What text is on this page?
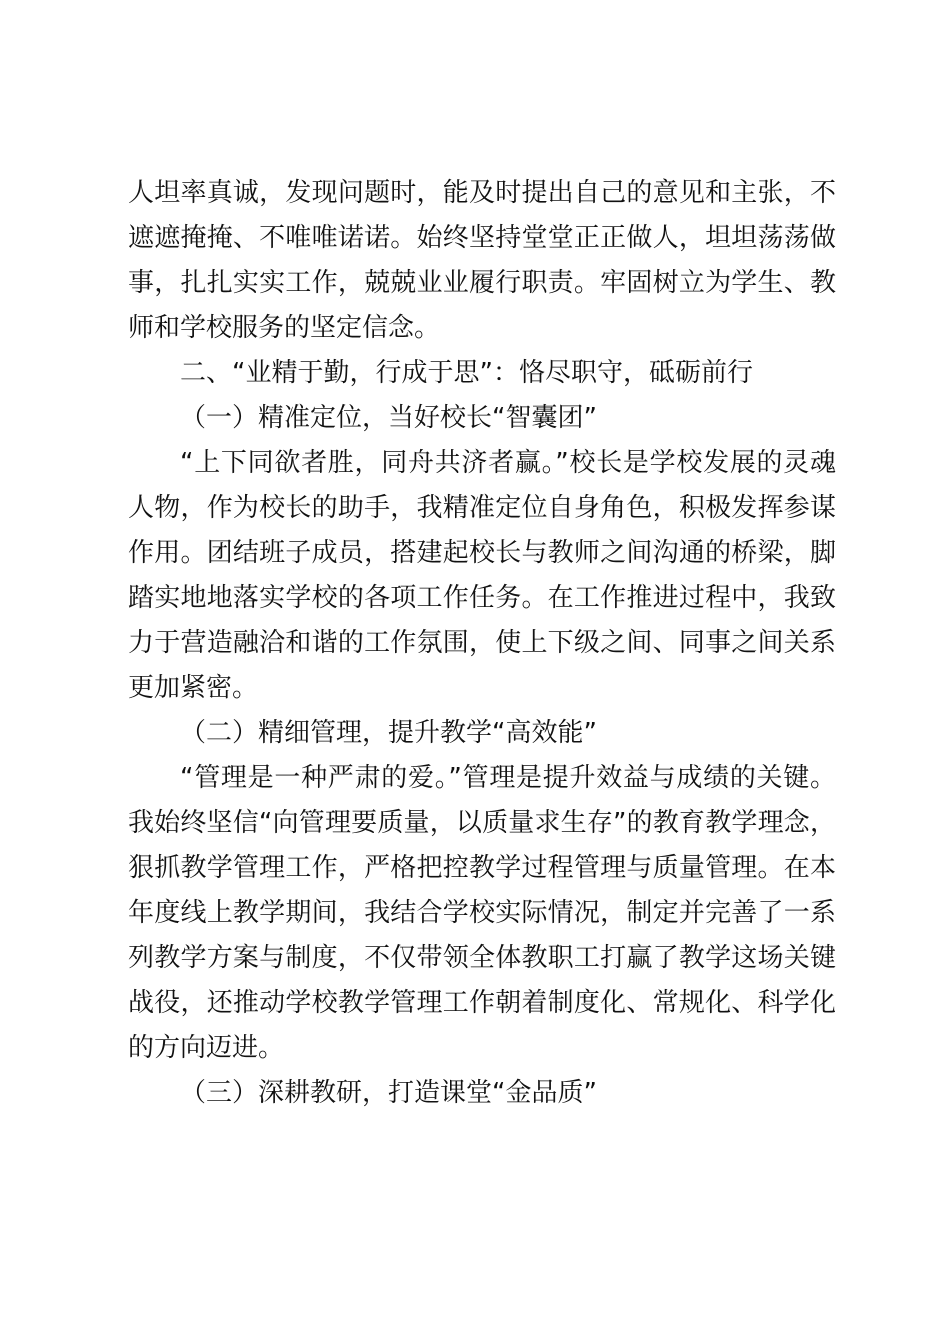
人坦率真诚，发现问题时，能及时提出自己的意见和主张，不遮遮掩掩、不唯唯诺诺。始终坚持堂堂正正做人，坦坦荡荡做事，扎扎实实工作，兢兢业业履行职责。牢固树立为学生、教师和学校服务的坚定信念。

二、“业精于勤，行成于思”：恪尽职守，砥砺前行

（一）精准定位，当好校长“智囊团”

“上下同欲者胜，同舟共济者赢。”校长是学校发展的灵魂人物，作为校长的助手，我精准定位自身角色，积极发挥参谋作用。团结班子成员，搭建起校长与教师之间沟通的桥梁，脚踏实地地落实学校的各项工作任务。在工作推进过程中，我致力于营造融洽和谐的工作氛围，使上下级之间、同事之间关系更加紧密。

（二）精细管理，提升教学“高效能”

“管理是一种严肃的爱。”管理是提升效益与成绩的关键。我始终坚信“向管理要质量，以质量求生存”的教育教学理念，狠抓教学管理工作，严格把控教学过程管理与质量管理。在本年度线上教学期间，我结合学校实际情况，制定并完善了一系列教学方案与制度，不仅带领全体教职工打赢了教学这场关键战役，还推动学校教学管理工作朝着制度化、常规化、科学化的方向迈进。

（三）深耕教研，打造课堂“金品质”
